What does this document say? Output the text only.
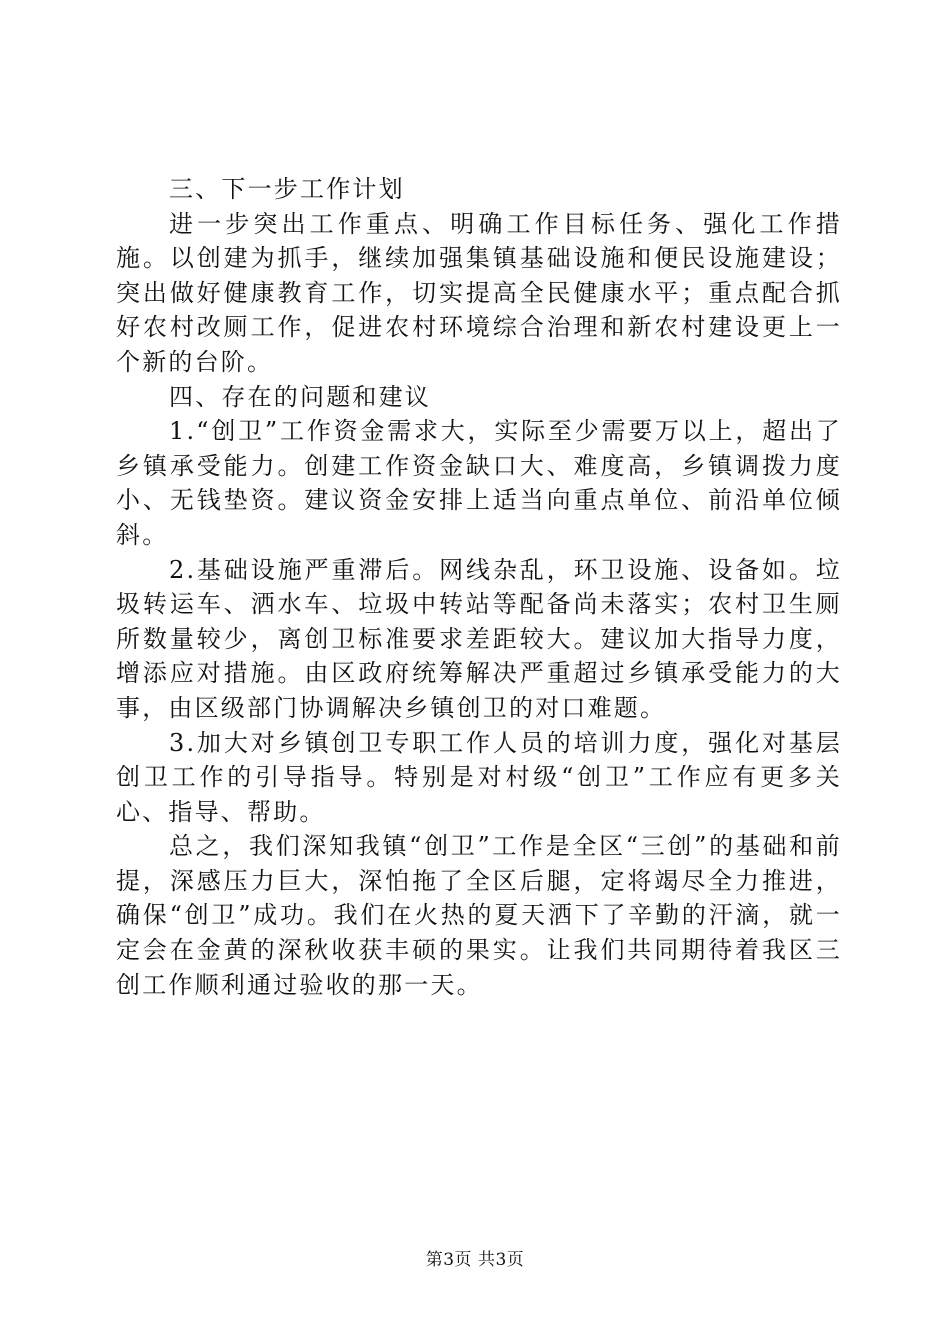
三、下一步工作计划

进一步突出工作重点、明确工作目标任务、强化工作措施。以创建为抓手，继续加强集镇基础设施和便民设施建设；突出做好健康教育工作，切实提高全民健康水平；重点配合抓好农村改厕工作，促进农村环境综合治理和新农村建设更上一个新的台阶。

四、存在的问题和建议

1.“创卫”工作资金需求大，实际至少需要万以上，超出了乡镇承受能力。创建工作资金缺口大、难度高，乡镇调拨力度小、无钱垫资。建议资金安排上适当向重点单位、前沿单位倾斜。

2.基础设施严重滞后。网线杂乱，环卫设施、设备如。垃圾转运车、洒水车、垃圾中转站等配备尚未落实；农村卫生厕所数量较少，离创卫标准要求差距较大。建议加大指导力度，增添应对措施。由区政府统筹解决严重超过乡镇承受能力的大事，由区级部门协调解决乡镇创卫的对口难题。

3.加大对乡镇创卫专职工作人员的培训力度，强化对基层创卫工作的引导指导。特别是对村级“创卫”工作应有更多关心、指导、帮助。

总之，我们深知我镇“创卫”工作是全区“三创”的基础和前提，深感压力巨大，深怕拖了全区后腿，定将竭尽全力推进，确保“创卫”成功。我们在火热的夏天洒下了辛勤的汗滴，就一定会在金黄的深秋收获丰硕的果实。让我们共同期待着我区三创工作顺利通过验收的那一天。

第3页 共3页
